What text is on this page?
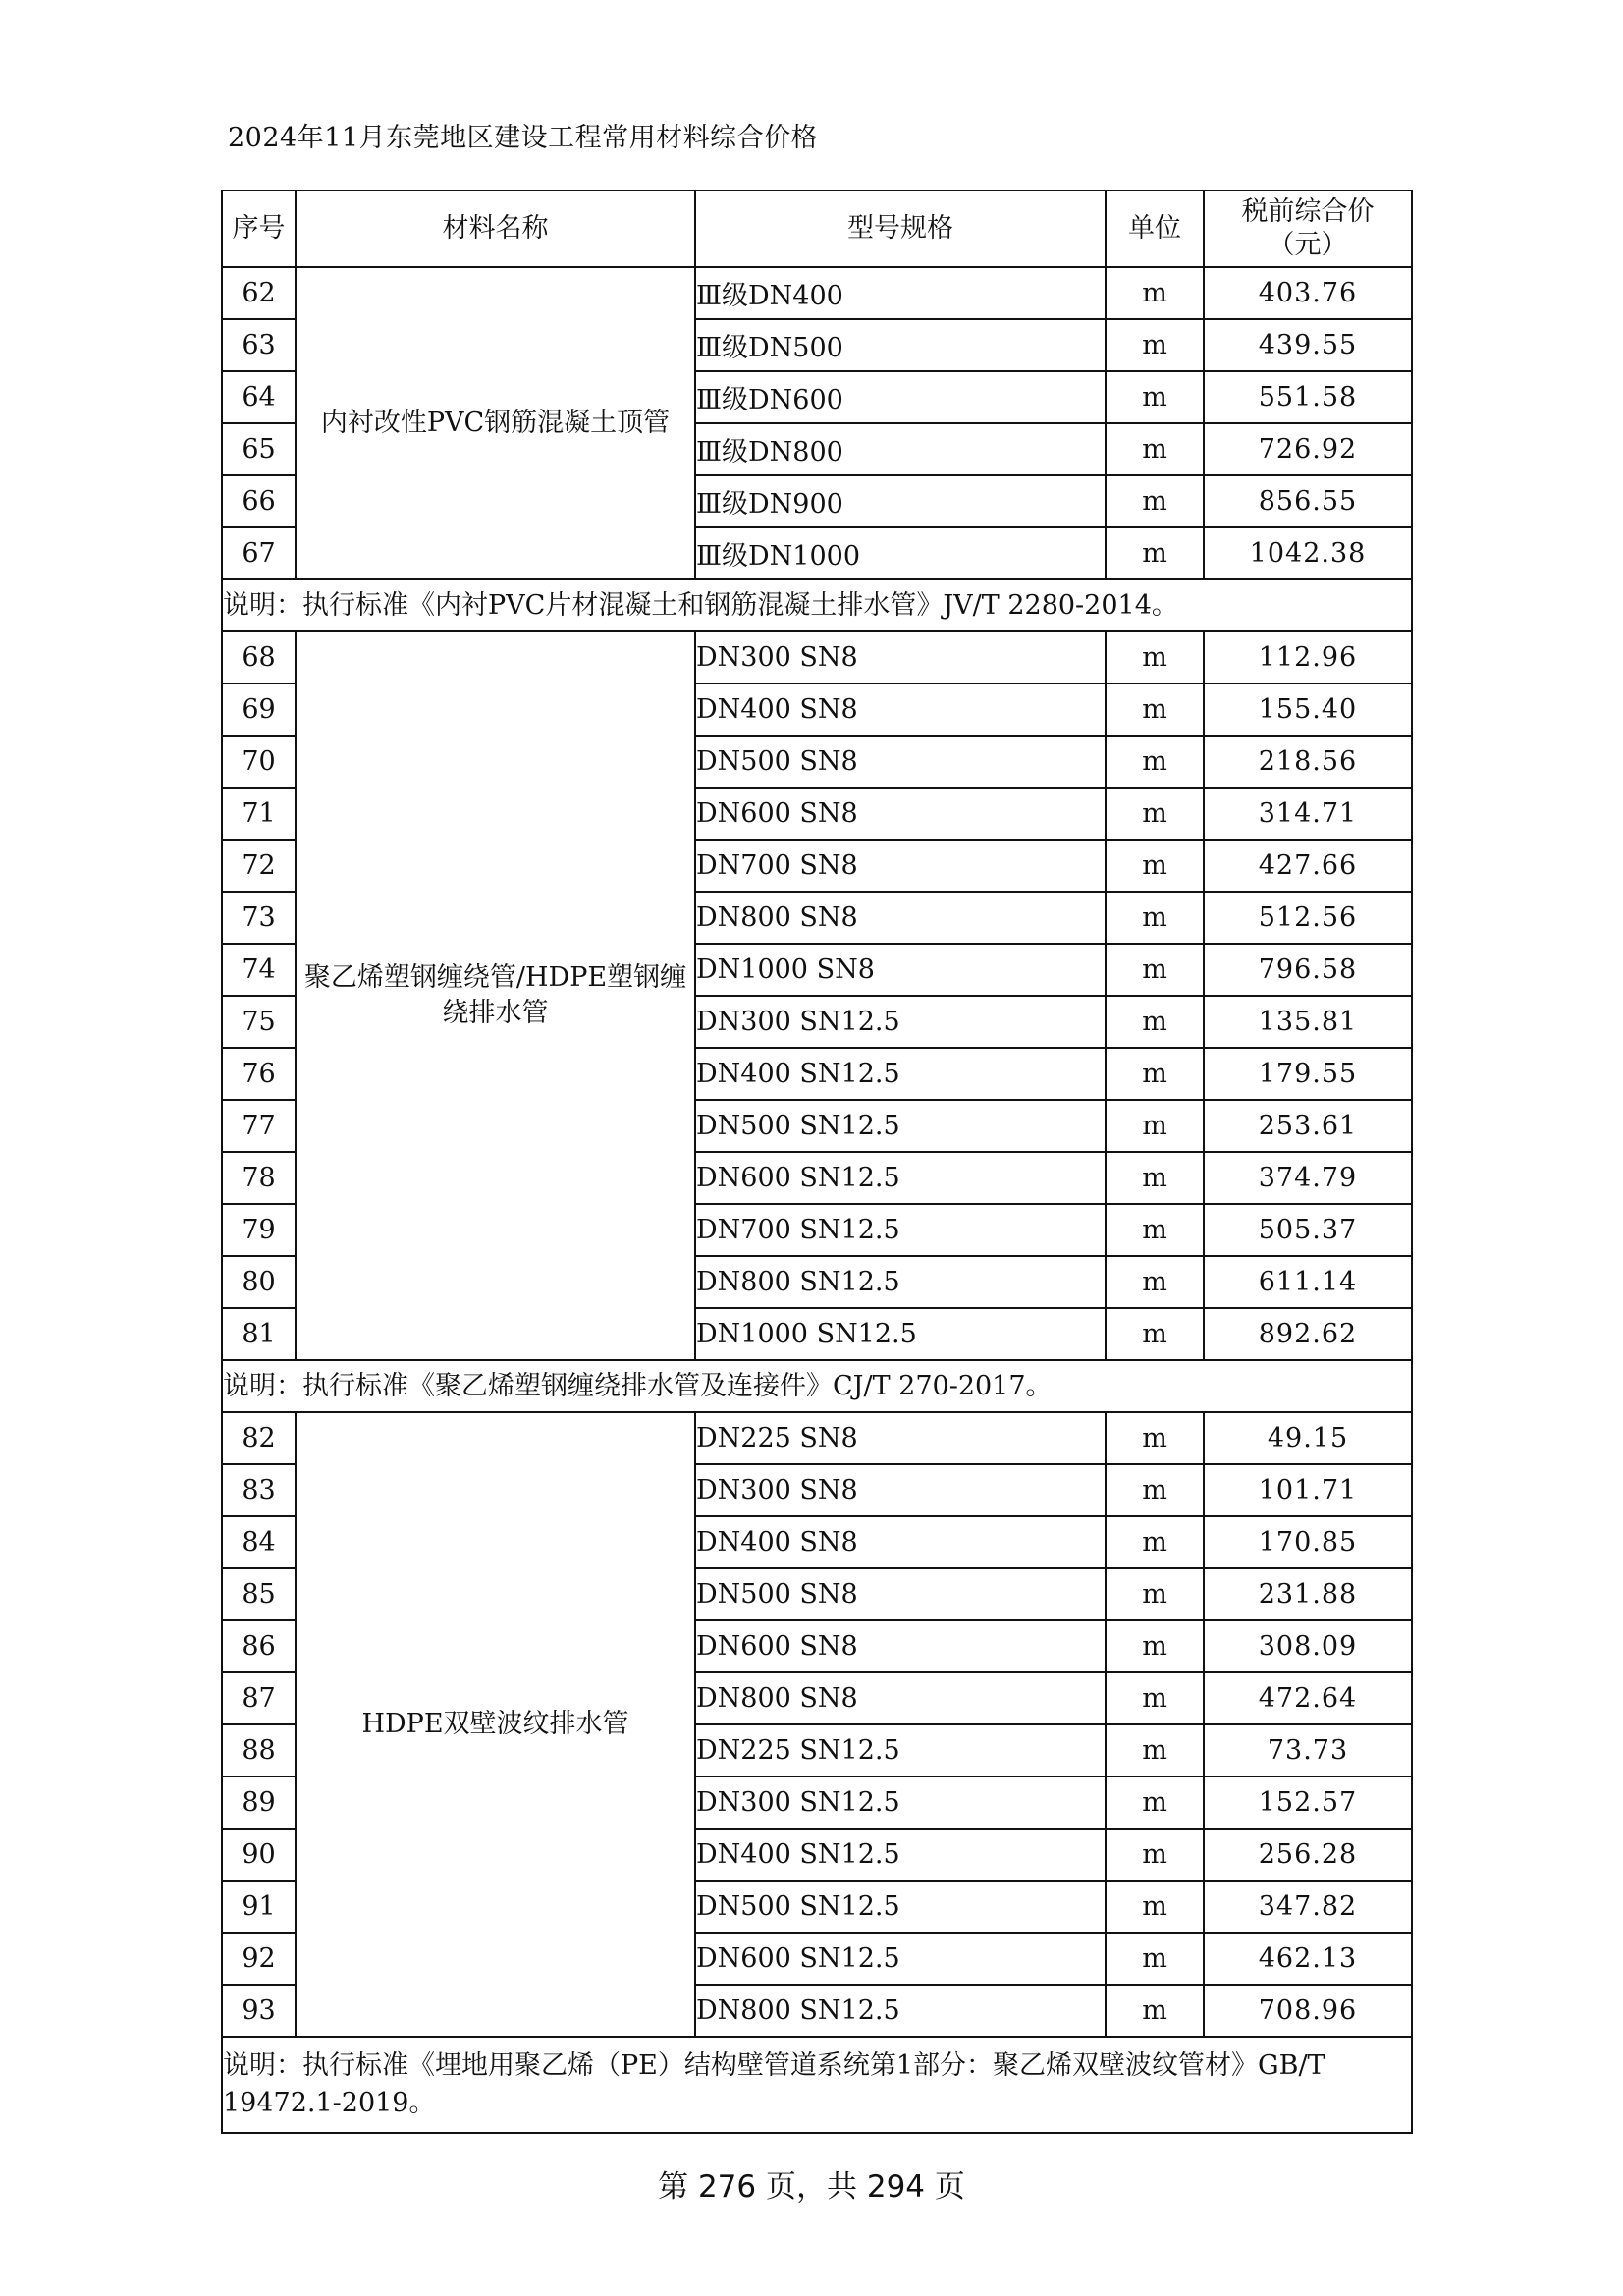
2024年11月东莞地区建设工程常用材料综合价格
序号	材料名称	型号规格	单位	税前综合价
（元）

62	内衬改性PVC钢筋混凝土顶管	Ⅲ级DN400	m	403.76
63		Ⅲ级DN500	m	439.55
64		Ⅲ级DN600	m	551.58
65		Ⅲ级DN800	m	726.92
66		Ⅲ级DN900	m	856.55
67		Ⅲ级DN1000	m	1042.38
说明：执行标准《内衬PVC片材混凝土和钢筋混凝土排水管》JV/T 2280-2014。				
68	聚乙烯塑钢缠绕管/HDPE塑钢缠绕排水管	DN300 SN8	m	112.96
69		DN400 SN8	m	155.40
70		DN500 SN8	m	218.56
71		DN600 SN8	m	314.71
72		DN700 SN8	m	427.66
73		DN800 SN8	m	512.56
74		DN1000 SN8	m	796.58
75		DN300 SN12.5	m	135.81
76		DN400 SN12.5	m	179.55
77		DN500 SN12.5	m	253.61
78		DN600 SN12.5	m	374.79
79		DN700 SN12.5	m	505.37
80		DN800 SN12.5	m	611.14
81		DN1000 SN12.5	m	892.62
说明：执行标准《聚乙烯塑钢缠绕排水管及连接件》CJ/T 270-2017。				
82	HDPE双壁波纹排水管	DN225 SN8	m	49.15
83		DN300 SN8	m	101.71
84		DN400 SN8	m	170.85
85		DN500 SN8	m	231.88
86		DN600 SN8	m	308.09
87		DN800 SN8	m	472.64
88		DN225 SN12.5	m	73.73
89		DN300 SN12.5	m	152.57
90		DN400 SN12.5	m	256.28
91		DN500 SN12.5	m	347.82
92		DN600 SN12.5	m	462.13
93		DN800 SN12.5	m	708.96
说明：执行标准《埋地用聚乙烯（PE）结构壁管道系统第1部分：聚乙烯双壁波纹管材》GB/T 19472.1-2019。				
第 276 页，共 294 页
